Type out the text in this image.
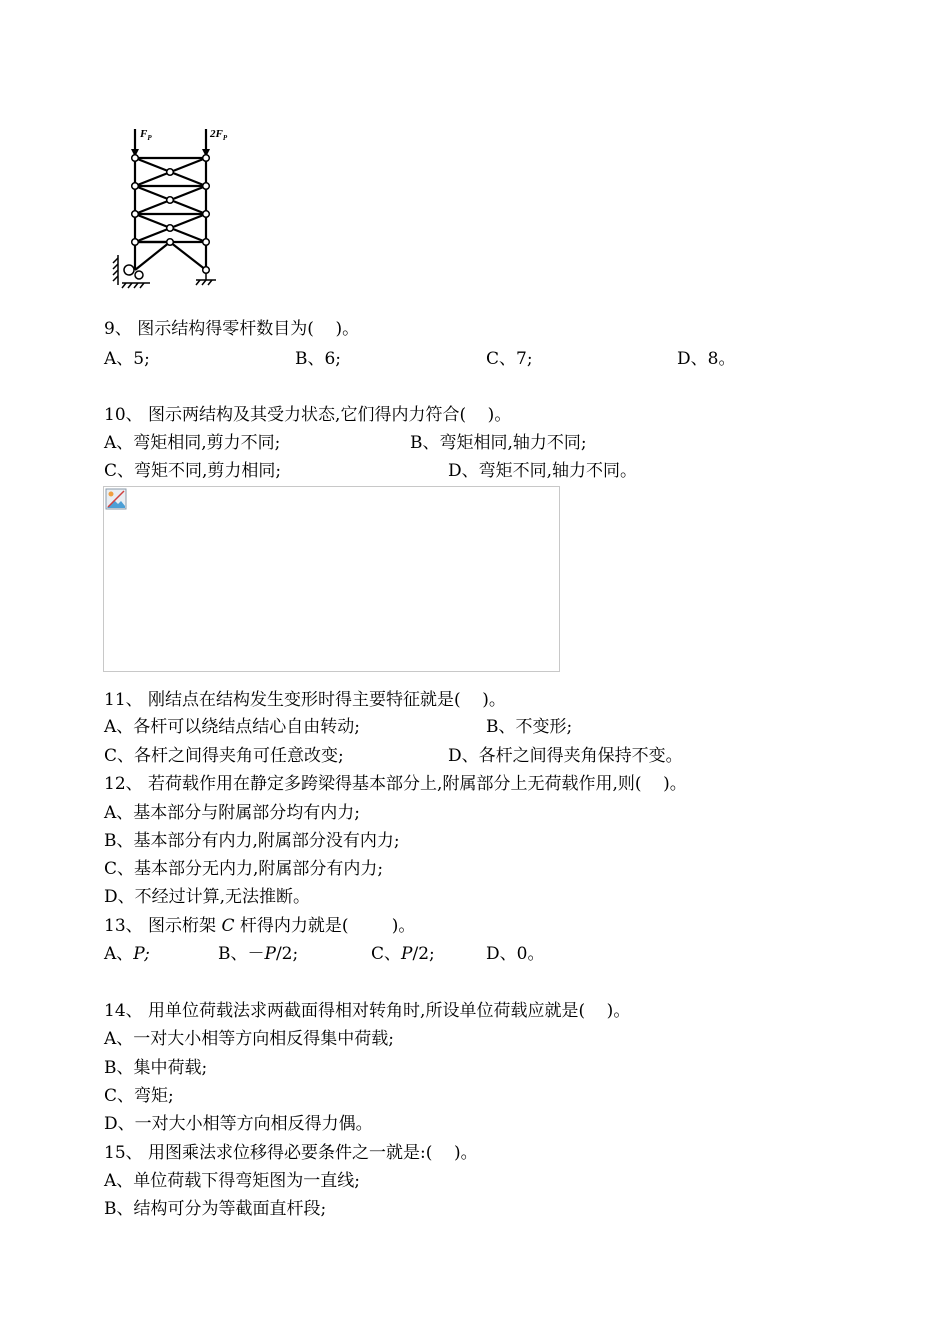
$F_P$	$2F_P$
9、 图示结构得零杆数目为(    )。
A、5;	B、6;	C、7;	D、8。
10、 图示两结构及其受力状态,它们得内力符合(    )。
A、弯矩相同,剪力不同;	B、弯矩相同,轴力不同;
C、弯矩不同,剪力相同;	D、弯矩不同,轴力不同。
11、 刚结点在结构发生变形时得主要特征就是(    )。
A、各杆可以绕结点结心自由转动;	B、不变形;
C、各杆之间得夹角可任意改变;	D、各杆之间得夹角保持不变。
12、 若荷载作用在静定多跨梁得基本部分上,附属部分上无荷载作用,则(    )。
A、基本部分与附属部分均有内力;
B、基本部分有内力,附属部分没有内力;
C、基本部分无内力,附属部分有内力;
D、不经过计算,无法推断。
13、 图示桁架 C 杆得内力就是(        )。
A、P;	B、－P/2;	C、P/2;	D、0。
14、 用单位荷载法求两截面得相对转角时,所设单位荷载应就是(    )。
A、一对大小相等方向相反得集中荷载;
B、集中荷载;
C、弯矩;
D、一对大小相等方向相反得力偶。
15、 用图乘法求位移得必要条件之一就是:(    )。
A、单位荷载下得弯矩图为一直线;
B、结构可分为等截面直杆段;
